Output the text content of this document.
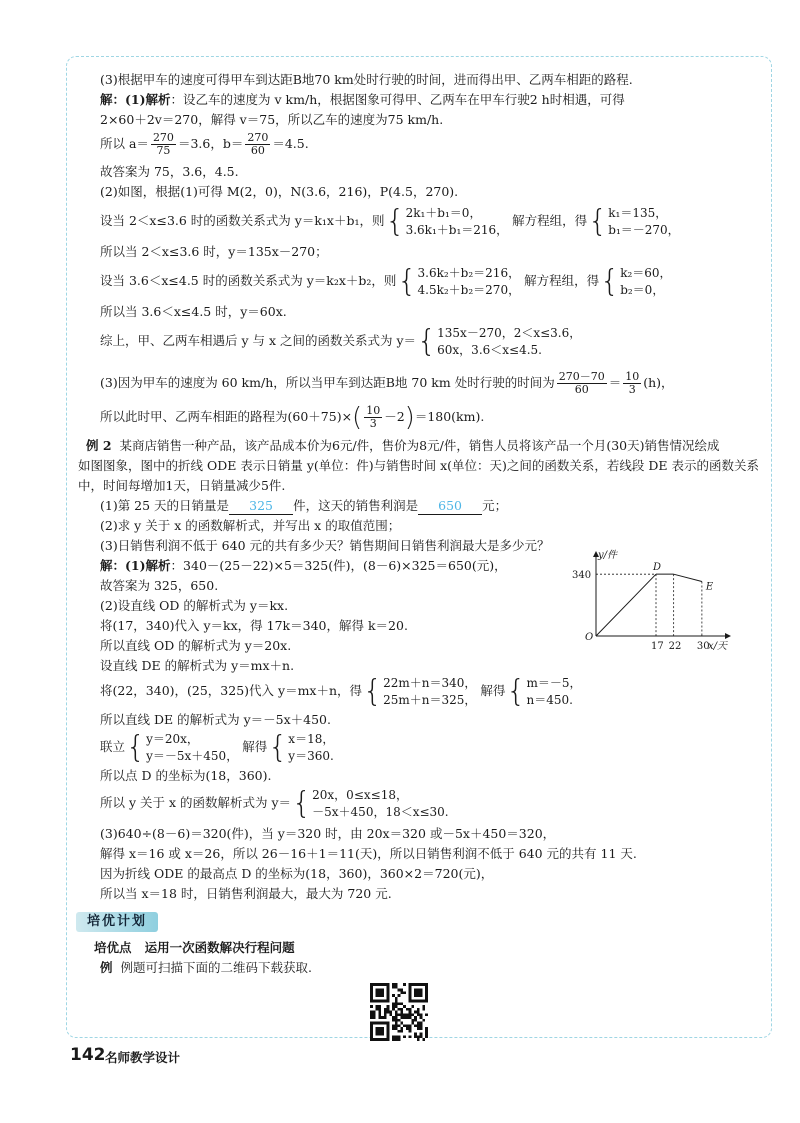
(3)根据甲车的速度可得甲车到达距B地70 km处时行驶的时间，进而得出甲、乙两车相距的路程.
解：(1)解析：设乙车的速度为 v km/h，根据图象可得甲、乙两车在甲车行驶2 h时相遇，可得
2×60＋2v＝270，解得 v＝75，所以乙车的速度为75 km/h.
所以 $a= \frac{270}{75} =3.6$，$b= \frac{270}{60} =4.5$.
故答案为 75，3.6，4.5.
(2)如图，根据(1)可得 M(2，0)，N(3.6，216)，P(4.5，270).
设当 2＜x≤3.6 时的函数关系式为 y＝k₁x＋b₁，则 { 2k₁＋b₁＝0，
3.6k₁＋b₁＝216，
解方程组，得 { k₁＝135，
b₁＝－270，
所以当 2＜x≤3.6 时，y＝135x－270；
设当 3.6＜x≤4.5 时的函数关系式为 y＝k₂x＋b₂，则 { 3.6k₂＋b₂＝216，
4.5k₂＋b₂＝270，
解方程组，得 { k₂＝60，
b₂＝0，
所以当 3.6＜x≤4.5 时，y＝60x.
综上，甲、乙两车相遇后 y 与 x 之间的函数关系式为 y＝ { 135x－270，2＜x≤3.6，
60x，3.6＜x≤4.5.
(3)因为甲车的速度为 60 km/h，所以当甲车到达距B地 70 km 处时行驶的时间为 $\frac{270-70}{60} = \frac{10}{3} (h)$，
所以此时甲、乙两车相距的路程为$(60+75)\times( \frac{10}{3} -2)=180(km)$.
例 2 某商店销售一种产品，该产品成本价为6元/件，售价为8元/件，销售人员将该产品一个月(30天)销售情况绘成
如图图象，图中的折线 ODE 表示日销量 y(单位：件)与销售时间 x(单位：天)之间的函数关系，若线段 DE 表示的函数关系
中，时间每增加1天，日销量减少5件.
(1)第 25 天的日销量是 325 件，这天的销售利润是 650 元；
(2)求 y 关于 x 的函数解析式，并写出 x 的取值范围；
(3)日销售利润不低于 640 元的共有多少天？销售期间日销售利润最大是多少元？
解：(1)解析：340－(25－22)×5＝325(件)，(8－6)×325＝650(元)，
故答案为 325，650.
(2)设直线 OD 的解析式为 y＝kx.
将(17，340)代入 y＝kx，得 17k＝340，解得 k＝20.
所以直线 OD 的解析式为 y＝20x.
设直线 DE 的解析式为 y＝mx＋n.
将(22，340)，(25，325)代入 y＝mx＋n，得 { 22m＋n＝340，
25m＋n＝325，
解得 { m＝－5，
n＝450.
所以直线 DE 的解析式为 y＝－5x＋450.
联立 { y＝20x，
y＝－5x＋450，
解得 { x＝18，
y＝360.
所以点 D 的坐标为(18，360).
所以 y 关于 x 的函数解析式为 y＝ { 20x，0≤x≤18，
－5x＋450，18＜x≤30.
(3)640÷(8－6)＝320(件)，当 y＝320 时，由 20x＝320 或－5x＋450＝320，
解得 x＝16 或 x＝26，所以 26－16＋1＝11(天)，所以日销售利润不低于 640 元的共有 11 天.
因为折线 ODE 的最高点 D 的坐标为(18，360)，360×2＝720(元)，
所以当 x＝18 时，日销售利润最大，最大为 720 元.
培优点 运用一次函数解决行程问题
例 例题可扫描下面的二维码下载获取.
y/件
x/天
O
340
17 22 30
D
E
培优计划
142 名师教学设计
